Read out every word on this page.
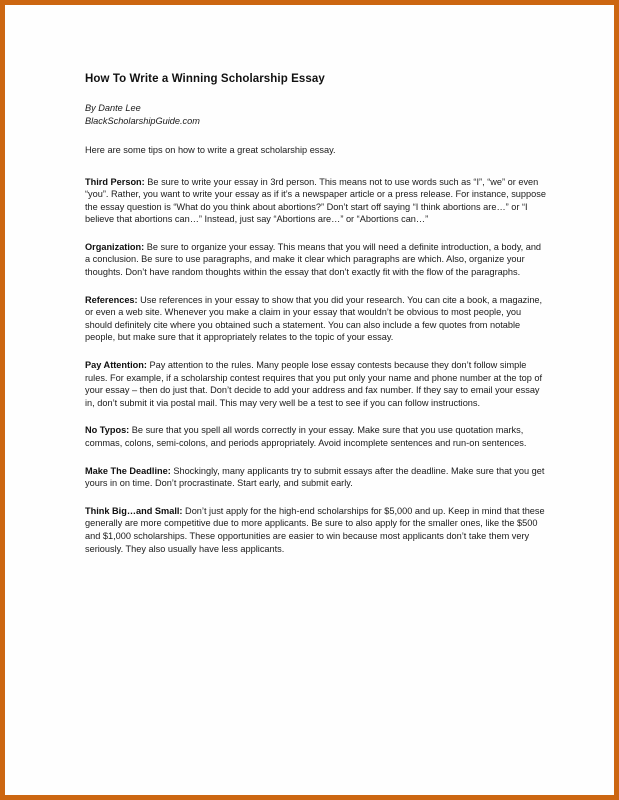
How To Write a Winning Scholarship Essay
By Dante Lee
BlackScholarshipGuide.com

Here are some tips on how to write a great scholarship essay.

Third Person: Be sure to write your essay in 3rd person. This means not to use words such as “I”, “we” or even “you”. Rather, you want to write your essay as if it’s a newspaper article or a press release. For instance, suppose the essay question is “What do you think about abortions?” Don’t start off saying “I think abortions are…” or “I believe that abortions can…” Instead, just say “Abortions are…” or “Abortions can…”

Organization: Be sure to organize your essay. This means that you will need a definite introduction, a body, and a conclusion. Be sure to use paragraphs, and make it clear which paragraphs are which. Also, organize your thoughts. Don’t have random thoughts within the essay that don’t exactly fit with the flow of the paragraphs.

References: Use references in your essay to show that you did your research. You can cite a book, a magazine, or even a web site. Whenever you make a claim in your essay that wouldn’t be obvious to most people, you should definitely cite where you obtained such a statement. You can also include a few quotes from notable people, but make sure that it appropriately relates to the topic of your essay.

Pay Attention: Pay attention to the rules. Many people lose essay contests because they don’t follow simple rules. For example, if a scholarship contest requires that you put only your name and phone number at the top of your essay – then do just that. Don’t decide to add your address and fax number. If they say to email your essay in, don’t submit it via postal mail. This may very well be a test to see if you can follow instructions.

No Typos: Be sure that you spell all words correctly in your essay. Make sure that you use quotation marks, commas, colons, semi-colons, and periods appropriately. Avoid incomplete sentences and run-on sentences.

Make The Deadline: Shockingly, many applicants try to submit essays after the deadline. Make sure that you get yours in on time. Don’t procrastinate. Start early, and submit early.

Think Big…and Small: Don’t just apply for the high-end scholarships for $5,000 and up. Keep in mind that these generally are more competitive due to more applicants. Be sure to also apply for the smaller ones, like the $500 and $1,000 scholarships. These opportunities are easier to win because most applicants don’t take them very seriously. They also usually have less applicants.
